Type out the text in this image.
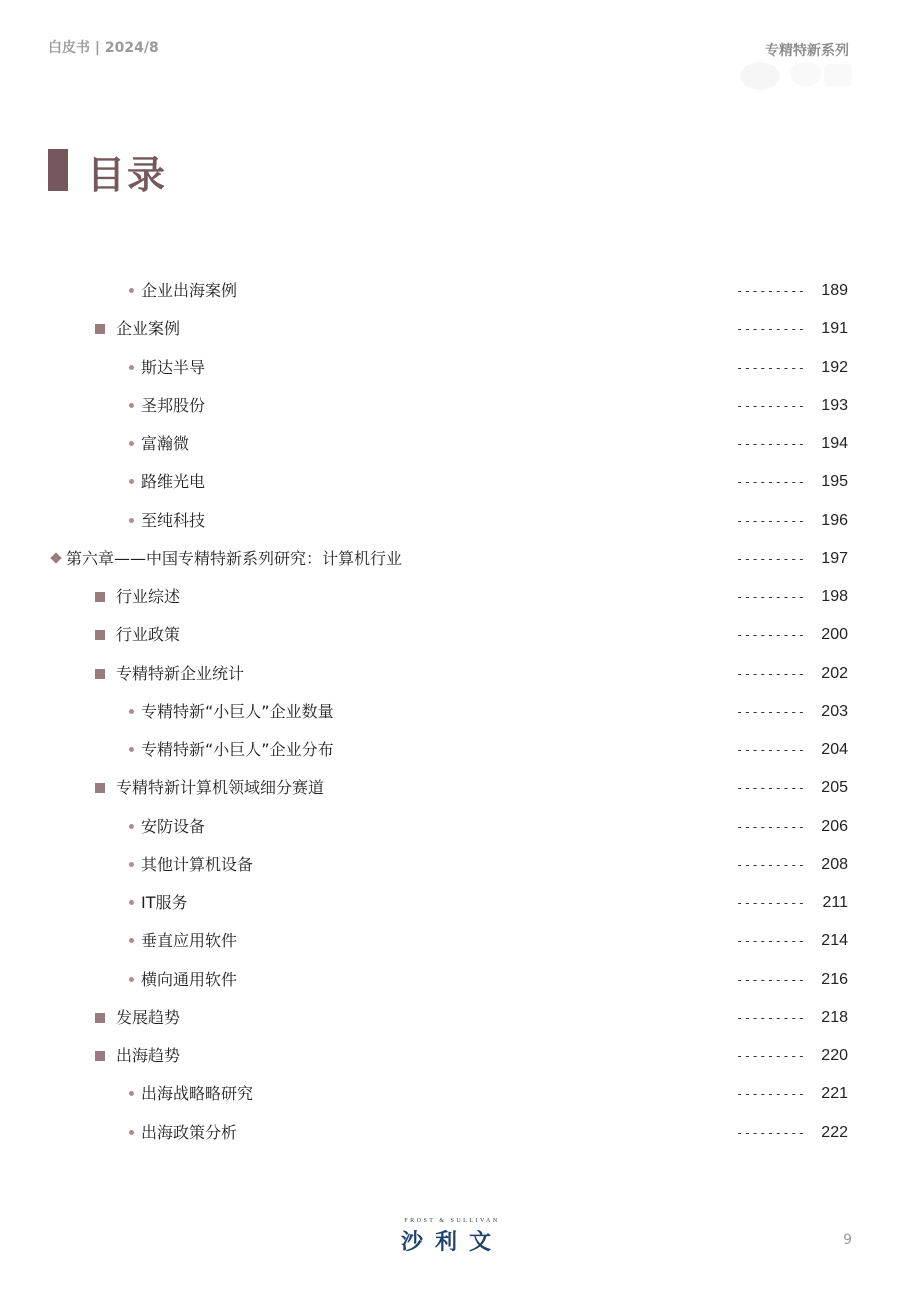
白皮书 | 2024/8	专精特新系列
目录
企业出海案例	--------- 189
企业案例	--------- 191
斯达半导	--------- 192
圣邦股份	--------- 193
富瀚微	--------- 194
路维光电	--------- 195
至纯科技	--------- 196
第六章——中国专精特新系列研究：计算机行业	--------- 197
行业综述	--------- 198
行业政策	--------- 200
专精特新企业统计	--------- 202
专精特新“小巨人”企业数量	--------- 203
专精特新“小巨人”企业分布	--------- 204
专精特新计算机领域细分赛道	--------- 205
安防设备	--------- 206
其他计算机设备	--------- 208
IT服务	--------- 211
垂直应用软件	--------- 214
横向通用软件	--------- 216
发展趋势	--------- 218
出海趋势	--------- 220
出海战略略研究	--------- 221
出海政策分析	--------- 222
FROST & SULLIVAN
沙利文	9
